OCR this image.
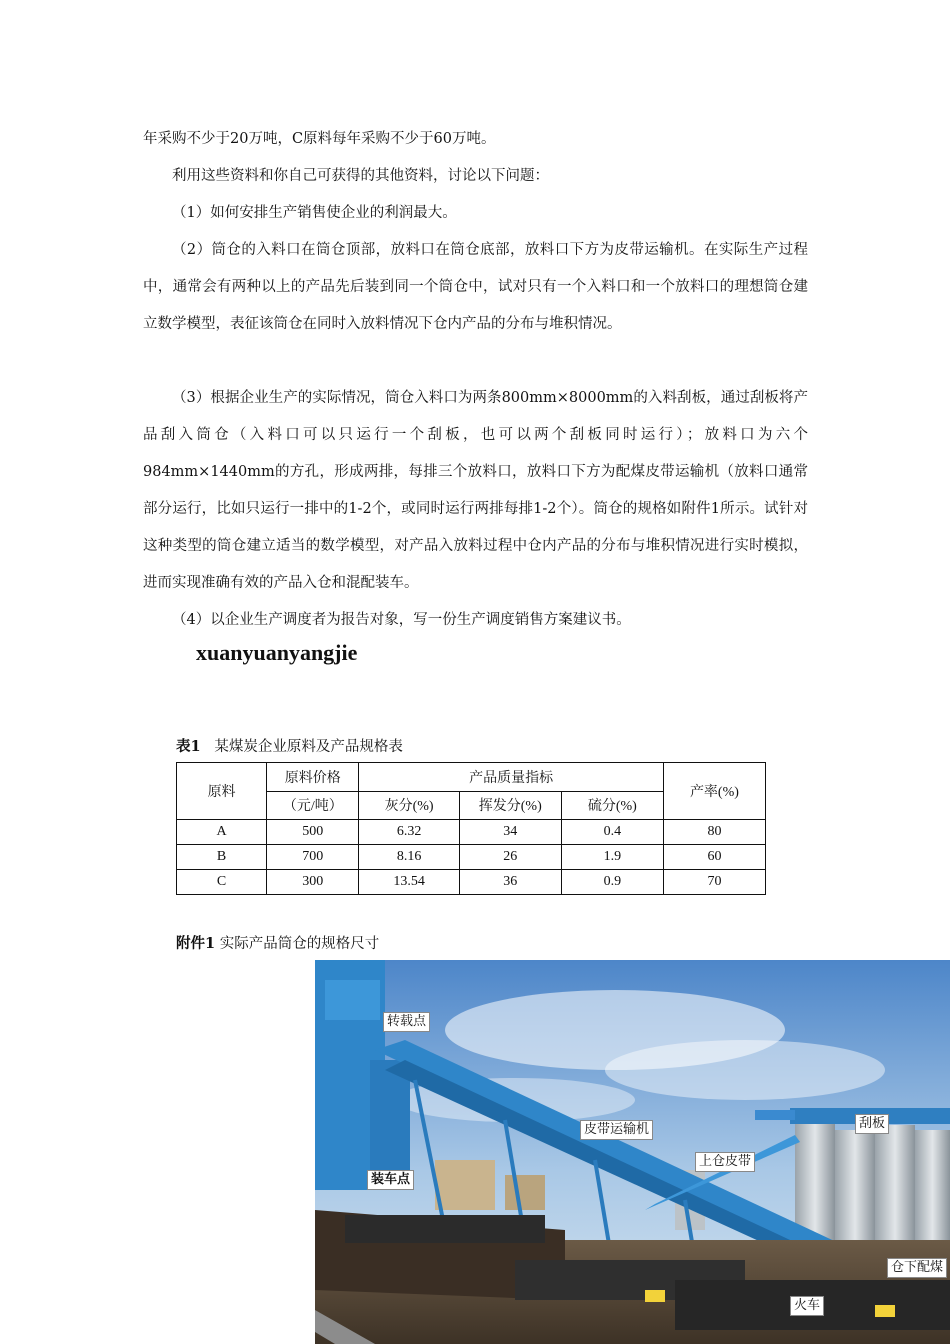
年采购不少于20万吨，C原料每年采购不少于60万吨。

利用这些资料和你自己可获得的其他资料，讨论以下问题：

（1）如何安排生产销售使企业的利润最大。

（2）筒仓的入料口在筒仓顶部，放料口在筒仓底部，放料口下方为皮带运输机。在实际生产过程中，通常会有两种以上的产品先后装到同一个筒仓中，试对只有一个入料口和一个放料口的理想筒仓建立数学模型，表征该筒仓在同时入放料情况下仓内产品的分布与堆积情况。

（3）根据企业生产的实际情况，筒仓入料口为两条800mm×8000mm的入料刮板，通过刮板将产品刮入筒仓（入料口可以只运行一个刮板，也可以两个刮板同时运行）；放料口为六个984mm×1440mm的方孔，形成两排，每排三个放料口，放料口下方为配煤皮带运输机（放料口通常部分运行，比如只运行一排中的1-2个，或同时运行两排每排1-2个）。筒仓的规格如附件1所示。试针对这种类型的筒仓建立适当的数学模型，对产品入放料过程中仓内产品的分布与堆积情况进行实时模拟，进而实现准确有效的产品入仓和混配装车。

（4）以企业生产调度者为报告对象，写一份生产调度销售方案建议书。

xuanyuanyangjie
表1 某煤炭企业原料及产品规格表
原料	原料价格	产品质量指标			产率(%)
	（元/吨）	灰分(%)	挥发分(%)	硫分(%)	
A	500	6.32	34	0.4	80
B	700	8.16	26	1.9	60
C	300	13.54	36	0.9	70
附件1 实际产品筒仓的规格尺寸
转载点
皮带运输机	刮板
装车点
上仓皮带
仓下配煤
火车
